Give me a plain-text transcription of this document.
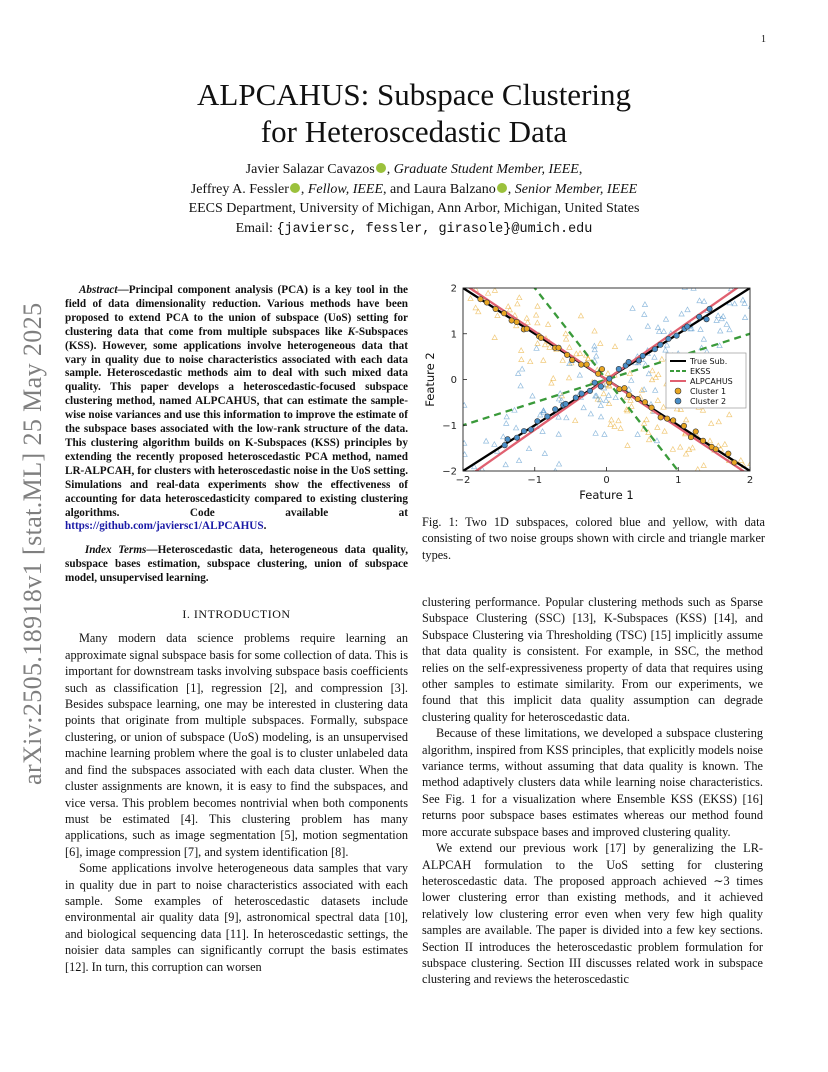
1
ALPCAHUS: Subspace Clustering
for Heteroscedastic Data
Javier Salazar Cavazos , Graduate Student Member, IEEE,
Jeffrey A. Fessler , Fellow, IEEE, and Laura Balzano , Senior Member, IEEE
EECS Department, University of Michigan, Ann Arbor, Michigan, United States
Email: {javiersc, fessler, girasole}@umich.edu
arXiv:2505.18918v1 [stat.ML] 25 May 2025
Abstract—Principal component analysis (PCA) is a key tool in the field of data dimensionality reduction. Various methods have been proposed to extend PCA to the union of subspace (UoS) setting for clustering data that come from multiple subspaces like K-Subspaces (KSS). However, some applications involve heterogeneous data that vary in quality due to noise characteristics associated with each data sample. Heteroscedastic methods aim to deal with such mixed data quality. This paper develops a heteroscedastic-focused subspace clustering method, named ALPCAHUS, that can estimate the sample-wise noise variances and use this information to improve the estimate of the subspace bases associated with the low-rank structure of the data. This clustering algorithm builds on K-Subspaces (KSS) principles by extending the recently proposed heteroscedastic PCA method, named LR-ALPCAH, for clusters with heteroscedastic noise in the UoS setting. Simulations and real-data experiments show the effectiveness of accounting for data heteroscedasticity compared to existing clustering algorithms. Code available at https://github.com/javiersc1/ALPCAHUS.
Index Terms—Heteroscedastic data, heterogeneous data quality, subspace bases estimation, subspace clustering, union of subspace model, unsupervised learning.
I. INTRODUCTION

Many modern data science problems require learning an approximate signal subspace basis for some collection of data. This is important for downstream tasks involving subspace basis coefficients such as classification [1], regression [2], and compression [3]. Besides subspace learning, one may be interested in clustering data points that originate from multiple subspaces. Formally, subspace clustering, or union of subspace (UoS) modeling, is an unsupervised machine learning problem where the goal is to cluster unlabeled data and find the subspaces associated with each data cluster. When the cluster assignments are known, it is easy to find the subspaces, and vice versa. This problem becomes nontrivial when both components must be estimated [4]. This clustering problem has many applications, such as image segmentation [5], motion segmentation [6], image compression [7], and system identification [8].

Some applications involve heterogeneous data samples that vary in quality due in part to noise characteristics associated with each sample. Some examples of heteroscedastic datasets include environmental air quality data [9], astronomical spectral data [10], and biological sequencing data [11]. In heteroscedastic settings, the noisier data samples can significantly corrupt the basis estimates [12]. In turn, this corruption can worsen

−2	−1	0	1	2
−2
−1
0
1
2
Feature 1
Feature 2	True Sub.
EKSS
ALPCAHUS
Cluster 1
Cluster 2
Fig. 1: Two 1D subspaces, colored blue and yellow, with data consisting of two noise groups shown with circle and triangle marker types.

clustering performance. Popular clustering methods such as Sparse Subspace Clustering (SSC) [13], K-Subspaces (KSS) [14], and Subspace Clustering via Thresholding (TSC) [15] implicitly assume that data quality is consistent. For example, in SSC, the method relies on the self-expressiveness property of data that requires using other samples to estimate similarity. From our experiments, we found that this implicit data quality assumption can degrade clustering quality for heteroscedastic data.

Because of these limitations, we developed a subspace clustering algorithm, inspired from KSS principles, that explicitly models noise variance terms, without assuming that data quality is known. The method adaptively clusters data while learning noise characteristics. See Fig. 1 for a visualization where Ensemble KSS (EKSS) [16] returns poor subspace bases estimates whereas our method found more accurate subspace bases and improved clustering quality.

We extend our previous work [17] by generalizing the LR-ALPCAH formulation to the UoS setting for clustering heteroscedastic data. The proposed approach achieved ∼3 times lower clustering error than existing methods, and it achieved relatively low clustering error even when very few high quality samples are available. The paper is divided into a few key sections. Section II introduces the heteroscedastic problem formulation for subspace clustering. Section III discusses related work in subspace clustering and reviews the heteroscedastic
